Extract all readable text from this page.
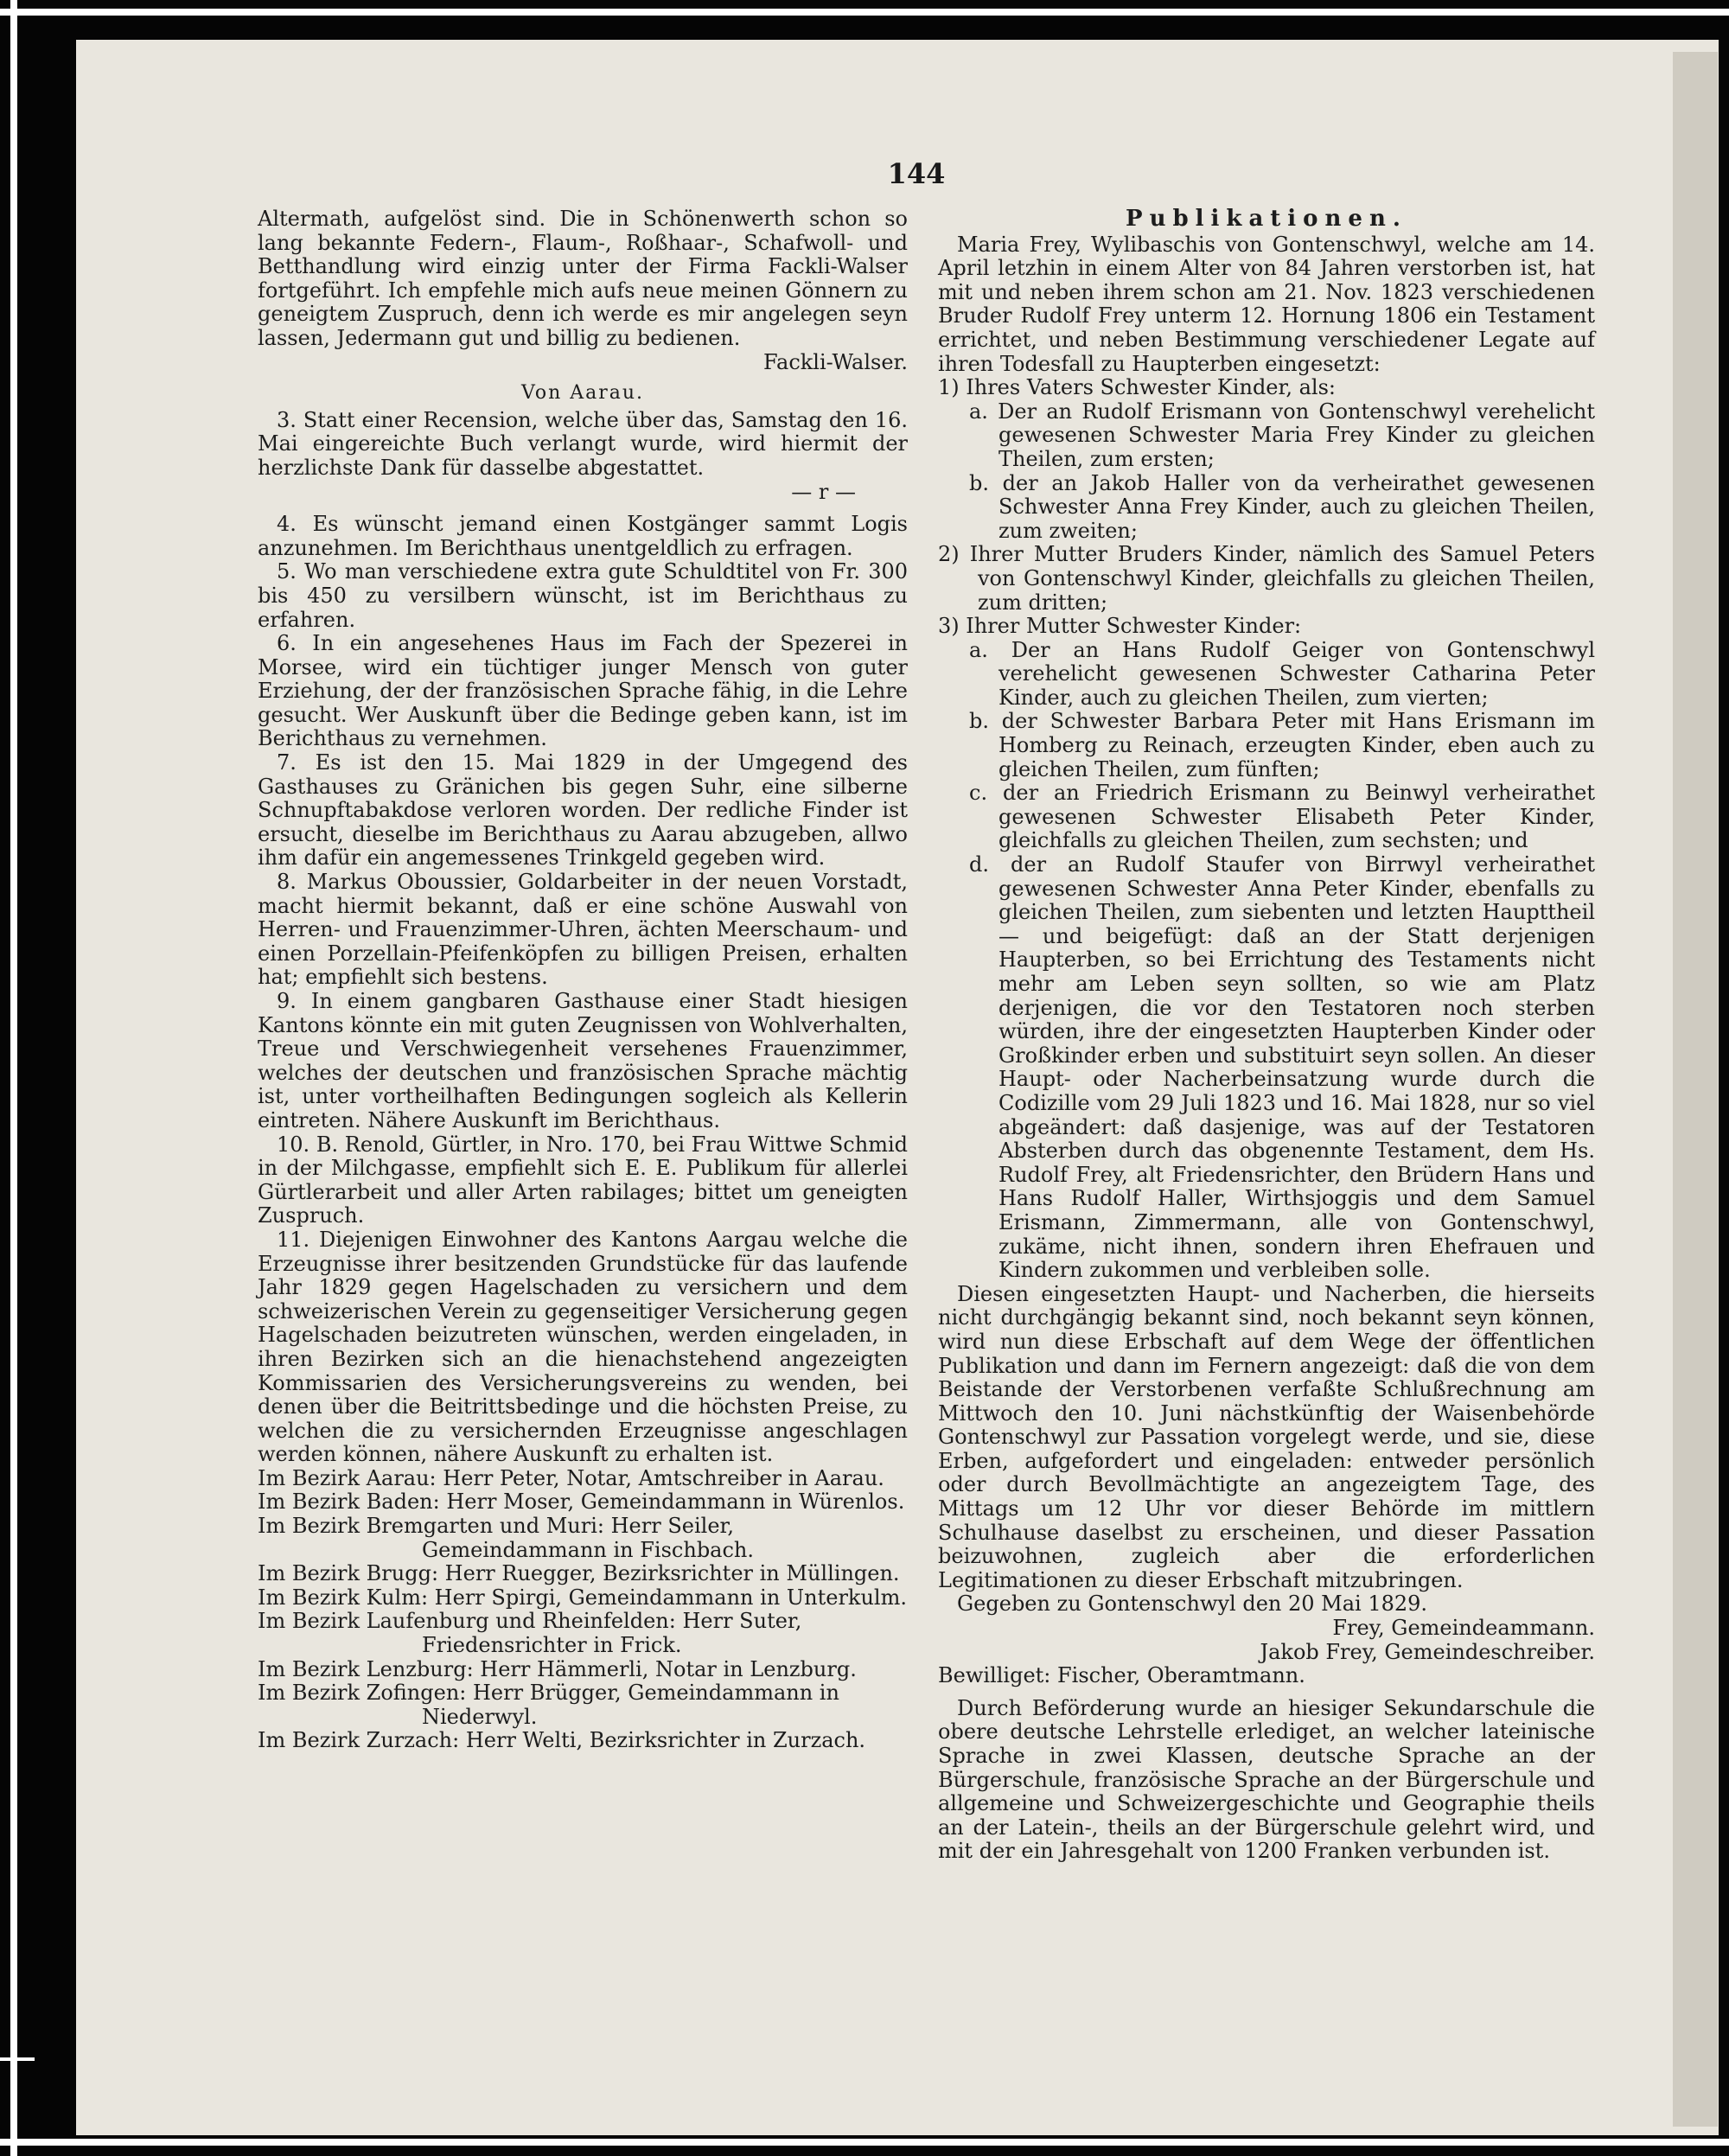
144

Altermath, aufgelöst sind. Die in Schönenwerth schon so lang bekannte Federn-, Flaum-, Roßhaar-, Schafwoll- und Betthandlung wird einzig unter der Firma Fackli-Walser fortgeführt. Ich empfehle mich aufs neue meinen Gönnern zu geneigtem Zuspruch, denn ich werde es mir angelegen seyn lassen, Jedermann gut und billig zu bedienen.

Fackli-Walser.

Von Aarau.

3. Statt einer Recension, welche über das, Samstag den 16. Mai eingereichte Buch verlangt wurde, wird hiermit der herzlichste Dank für dasselbe abgestattet.

— r —

4. Es wünscht jemand einen Kostgänger sammt Logis anzunehmen. Im Berichthaus unentgeldlich zu erfragen.

5. Wo man verschiedene extra gute Schuldtitel von Fr. 300 bis 450 zu versilbern wünscht, ist im Berichthaus zu erfahren.

6. In ein angesehenes Haus im Fach der Spezerei in Morsee, wird ein tüchtiger junger Mensch von guter Erziehung, der der französischen Sprache fähig, in die Lehre gesucht. Wer Auskunft über die Bedinge geben kann, ist im Berichthaus zu vernehmen.

7. Es ist den 15. Mai 1829 in der Umgegend des Gasthauses zu Gränichen bis gegen Suhr, eine silberne Schnupftabakdose verloren worden. Der redliche Finder ist ersucht, dieselbe im Berichthaus zu Aarau abzugeben, allwo ihm dafür ein angemessenes Trinkgeld gegeben wird.

8. Markus Oboussier, Goldarbeiter in der neuen Vorstadt, macht hiermit bekannt, daß er eine schöne Auswahl von Herren- und Frauenzimmer-Uhren, ächten Meerschaum- und einen Porzellain-Pfeifenköpfen zu billigen Preisen, erhalten hat; empfiehlt sich bestens.

9. In einem gangbaren Gasthause einer Stadt hiesigen Kantons könnte ein mit guten Zeugnissen von Wohlverhalten, Treue und Verschwiegenheit versehenes Frauenzimmer, welches der deutschen und französischen Sprache mächtig ist, unter vortheilhaften Bedingungen sogleich als Kellerin eintreten. Nähere Auskunft im Berichthaus.

10. B. Renold, Gürtler, in Nro. 170, bei Frau Wittwe Schmid in der Milchgasse, empfiehlt sich E. E. Publikum für allerlei Gürtlerarbeit und aller Arten rabilages; bittet um geneigten Zuspruch.

11. Diejenigen Einwohner des Kantons Aargau welche die Erzeugnisse ihrer besitzenden Grundstücke für das laufende Jahr 1829 gegen Hagelschaden zu versichern und dem schweizerischen Verein zu gegenseitiger Versicherung gegen Hagelschaden beizutreten wünschen, werden eingeladen, in ihren Bezirken sich an die hienachstehend angezeigten Kommissarien des Versicherungsvereins zu wenden, bei denen über die Beitrittsbedinge und die höchsten Preise, zu welchen die zu versichernden Erzeugnisse angeschlagen werden können, nähere Auskunft zu erhalten ist.

Im Bezirk Aarau: Herr Peter, Notar, Amtschreiber in Aarau.

Im Bezirk Baden: Herr Moser, Gemeindammann in Würenlos.

Im Bezirk Bremgarten und Muri: Herr Seiler, Gemeindammann in Fischbach.

Im Bezirk Brugg: Herr Ruegger, Bezirksrichter in Müllingen.

Im Bezirk Kulm: Herr Spirgi, Gemeindammann in Unterkulm.

Im Bezirk Laufenburg und Rheinfelden: Herr Suter, Friedensrichter in Frick.

Im Bezirk Lenzburg: Herr Hämmerli, Notar in Lenzburg.

Im Bezirk Zofingen: Herr Brügger, Gemeindammann in Niederwyl.

Im Bezirk Zurzach: Herr Welti, Bezirksrichter in Zurzach.

Publikationen.

Maria Frey, Wylibaschis von Gontenschwyl, welche am 14. April letzhin in einem Alter von 84 Jahren verstorben ist, hat mit und neben ihrem schon am 21. Nov. 1823 verschiedenen Bruder Rudolf Frey unterm 12. Hornung 1806 ein Testament errichtet, und neben Bestimmung verschiedener Legate auf ihren Todesfall zu Haupterben eingesetzt:

1) Ihres Vaters Schwester Kinder, als:

a. Der an Rudolf Erismann von Gontenschwyl verehelicht gewesenen Schwester Maria Frey Kinder zu gleichen Theilen, zum ersten;

b. der an Jakob Haller von da verheirathet gewesenen Schwester Anna Frey Kinder, auch zu gleichen Theilen, zum zweiten;

2) Ihrer Mutter Bruders Kinder, nämlich des Samuel Peters von Gontenschwyl Kinder, gleichfalls zu gleichen Theilen, zum dritten;

3) Ihrer Mutter Schwester Kinder:

a. Der an Hans Rudolf Geiger von Gontenschwyl verehelicht gewesenen Schwester Catharina Peter Kinder, auch zu gleichen Theilen, zum vierten;

b. der Schwester Barbara Peter mit Hans Erismann im Homberg zu Reinach, erzeugten Kinder, eben auch zu gleichen Theilen, zum fünften;

c. der an Friedrich Erismann zu Beinwyl verheirathet gewesenen Schwester Elisabeth Peter Kinder, gleichfalls zu gleichen Theilen, zum sechsten; und

d. der an Rudolf Staufer von Birrwyl verheirathet gewesenen Schwester Anna Peter Kinder, ebenfalls zu gleichen Theilen, zum siebenten und letzten Haupttheil — und beigefügt: daß an der Statt derjenigen Haupterben, so bei Errichtung des Testaments nicht mehr am Leben seyn sollten, so wie am Platz derjenigen, die vor den Testatoren noch sterben würden, ihre der eingesetzten Haupterben Kinder oder Großkinder erben und substituirt seyn sollen. An dieser Haupt- oder Nacherbeinsatzung wurde durch die Codizille vom 29 Juli 1823 und 16. Mai 1828, nur so viel abgeändert: daß dasjenige, was auf der Testatoren Absterben durch das obgenennte Testament, dem Hs. Rudolf Frey, alt Friedensrichter, den Brüdern Hans und Hans Rudolf Haller, Wirthsjoggis und dem Samuel Erismann, Zimmermann, alle von Gontenschwyl, zukäme, nicht ihnen, sondern ihren Ehefrauen und Kindern zukommen und verbleiben solle.

Diesen eingesetzten Haupt- und Nacherben, die hierseits nicht durchgängig bekannt sind, noch bekannt seyn können, wird nun diese Erbschaft auf dem Wege der öffentlichen Publikation und dann im Fernern angezeigt: daß die von dem Beistande der Verstorbenen verfaßte Schlußrechnung am Mittwoch den 10. Juni nächstkünftig der Waisenbehörde Gontenschwyl zur Passation vorgelegt werde, und sie, diese Erben, aufgefordert und eingeladen: entweder persönlich oder durch Bevollmächtigte an angezeigtem Tage, des Mittags um 12 Uhr vor dieser Behörde im mittlern Schulhause daselbst zu erscheinen, und dieser Passation beizuwohnen, zugleich aber die erforderlichen Legitimationen zu dieser Erbschaft mitzubringen.

Gegeben zu Gontenschwyl den 20 Mai 1829.

Frey, Gemeindeammann.

Jakob Frey, Gemeindeschreiber.

Bewilliget: Fischer, Oberamtmann.

Durch Beförderung wurde an hiesiger Sekundarschule die obere deutsche Lehrstelle erlediget, an welcher lateinische Sprache in zwei Klassen, deutsche Sprache an der Bürgerschule, französische Sprache an der Bürgerschule und allgemeine und Schweizergeschichte und Geographie theils an der Latein-, theils an der Bürgerschule gelehrt wird, und mit der ein Jahresgehalt von 1200 Franken verbunden ist.
